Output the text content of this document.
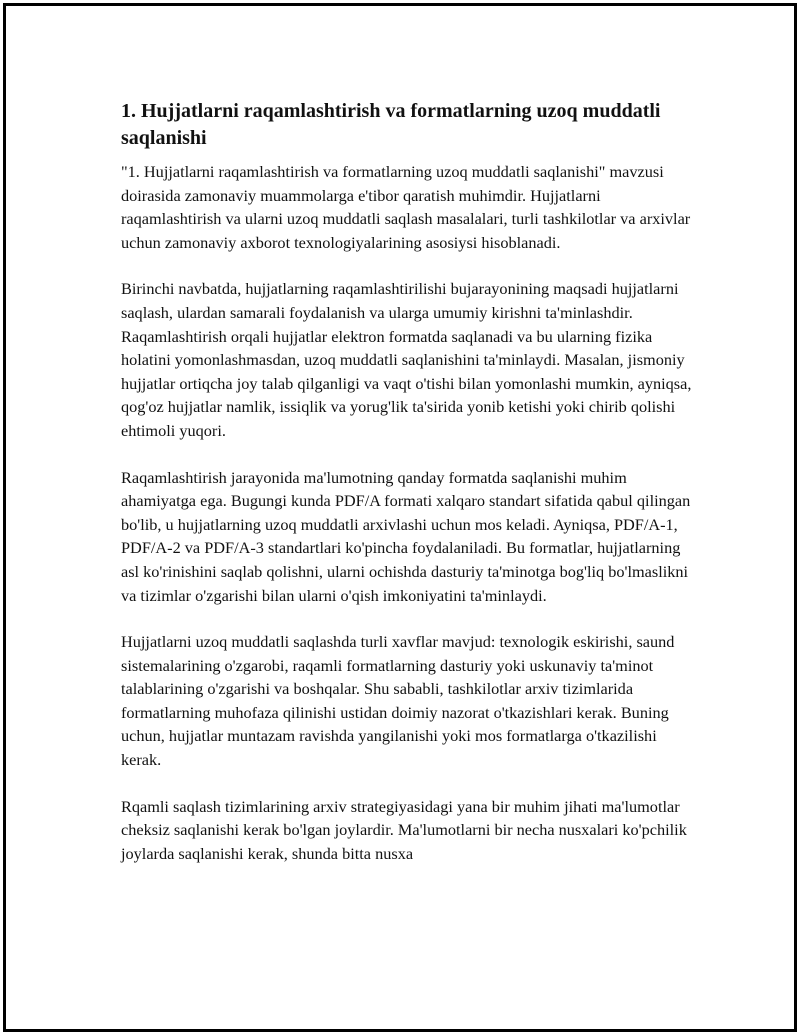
1. Hujjatlarni raqamlashtirish va formatlarning uzoq muddatli saqlanishi

"1. Hujjatlarni raqamlashtirish va formatlarning uzoq muddatli saqlanishi" mavzusi doirasida zamonaviy muammolarga e'tibor qaratish muhimdir. Hujjatlarni raqamlashtirish va ularni uzoq muddatli saqlash masalalari, turli tashkilotlar va arxivlar uchun zamonaviy axborot texnologiyalarining asosiysi hisoblanadi.

Birinchi navbatda, hujjatlarning raqamlashtirilishi bujarayonining maqsadi hujjatlarni saqlash, ulardan samarali foydalanish va ularga umumiy kirishni ta'minlashdir. Raqamlashtirish orqali hujjatlar elektron formatda saqlanadi va bu ularning fizika holatini yomonlashmasdan, uzoq muddatli saqlanishini ta'minlaydi. Masalan, jismoniy hujjatlar ortiqcha joy talab qilganligi va vaqt o'tishi bilan yomonlashi mumkin, ayniqsa, qog'oz hujjatlar namlik, issiqlik va yorug'lik ta'sirida yonib ketishi yoki chirib qolishi ehtimoli yuqori.

Raqamlashtirish jarayonida ma'lumotning qanday formatda saqlanishi muhim ahamiyatga ega. Bugungi kunda PDF/A formati xalqaro standart sifatida qabul qilingan bo'lib, u hujjatlarning uzoq muddatli arxivlashi uchun mos keladi. Ayniqsa, PDF/A-1, PDF/A-2 va PDF/A-3 standartlari ko'pincha foydalaniladi. Bu formatlar, hujjatlarning asl ko'rinishini saqlab qolishni, ularni ochishda dasturiy ta'minotga bog'liq bo'lmaslikni va tizimlar o'zgarishi bilan ularni o'qish imkoniyatini ta'minlaydi.

Hujjatlarni uzoq muddatli saqlashda turli xavflar mavjud: texnologik eskirishi, saund sistemalarining o'zgarobi, raqamli formatlarning dasturiy yoki uskunaviy ta'minot talablarining o'zgarishi va boshqalar. Shu sababli, tashkilotlar arxiv tizimlarida formatlarning muhofaza qilinishi ustidan doimiy nazorat o'tkazishlari kerak. Buning uchun, hujjatlar muntazam ravishda yangilanishi yoki mos formatlarga o'tkazilishi kerak.

Rqamli saqlash tizimlarining arxiv strategiyasidagi yana bir muhim jihati ma'lumotlar cheksiz saqlanishi kerak bo'lgan joylardir. Ma'lumotlarni bir necha nusxalari ko'pchilik joylarda saqlanishi kerak, shunda bitta nusxa
